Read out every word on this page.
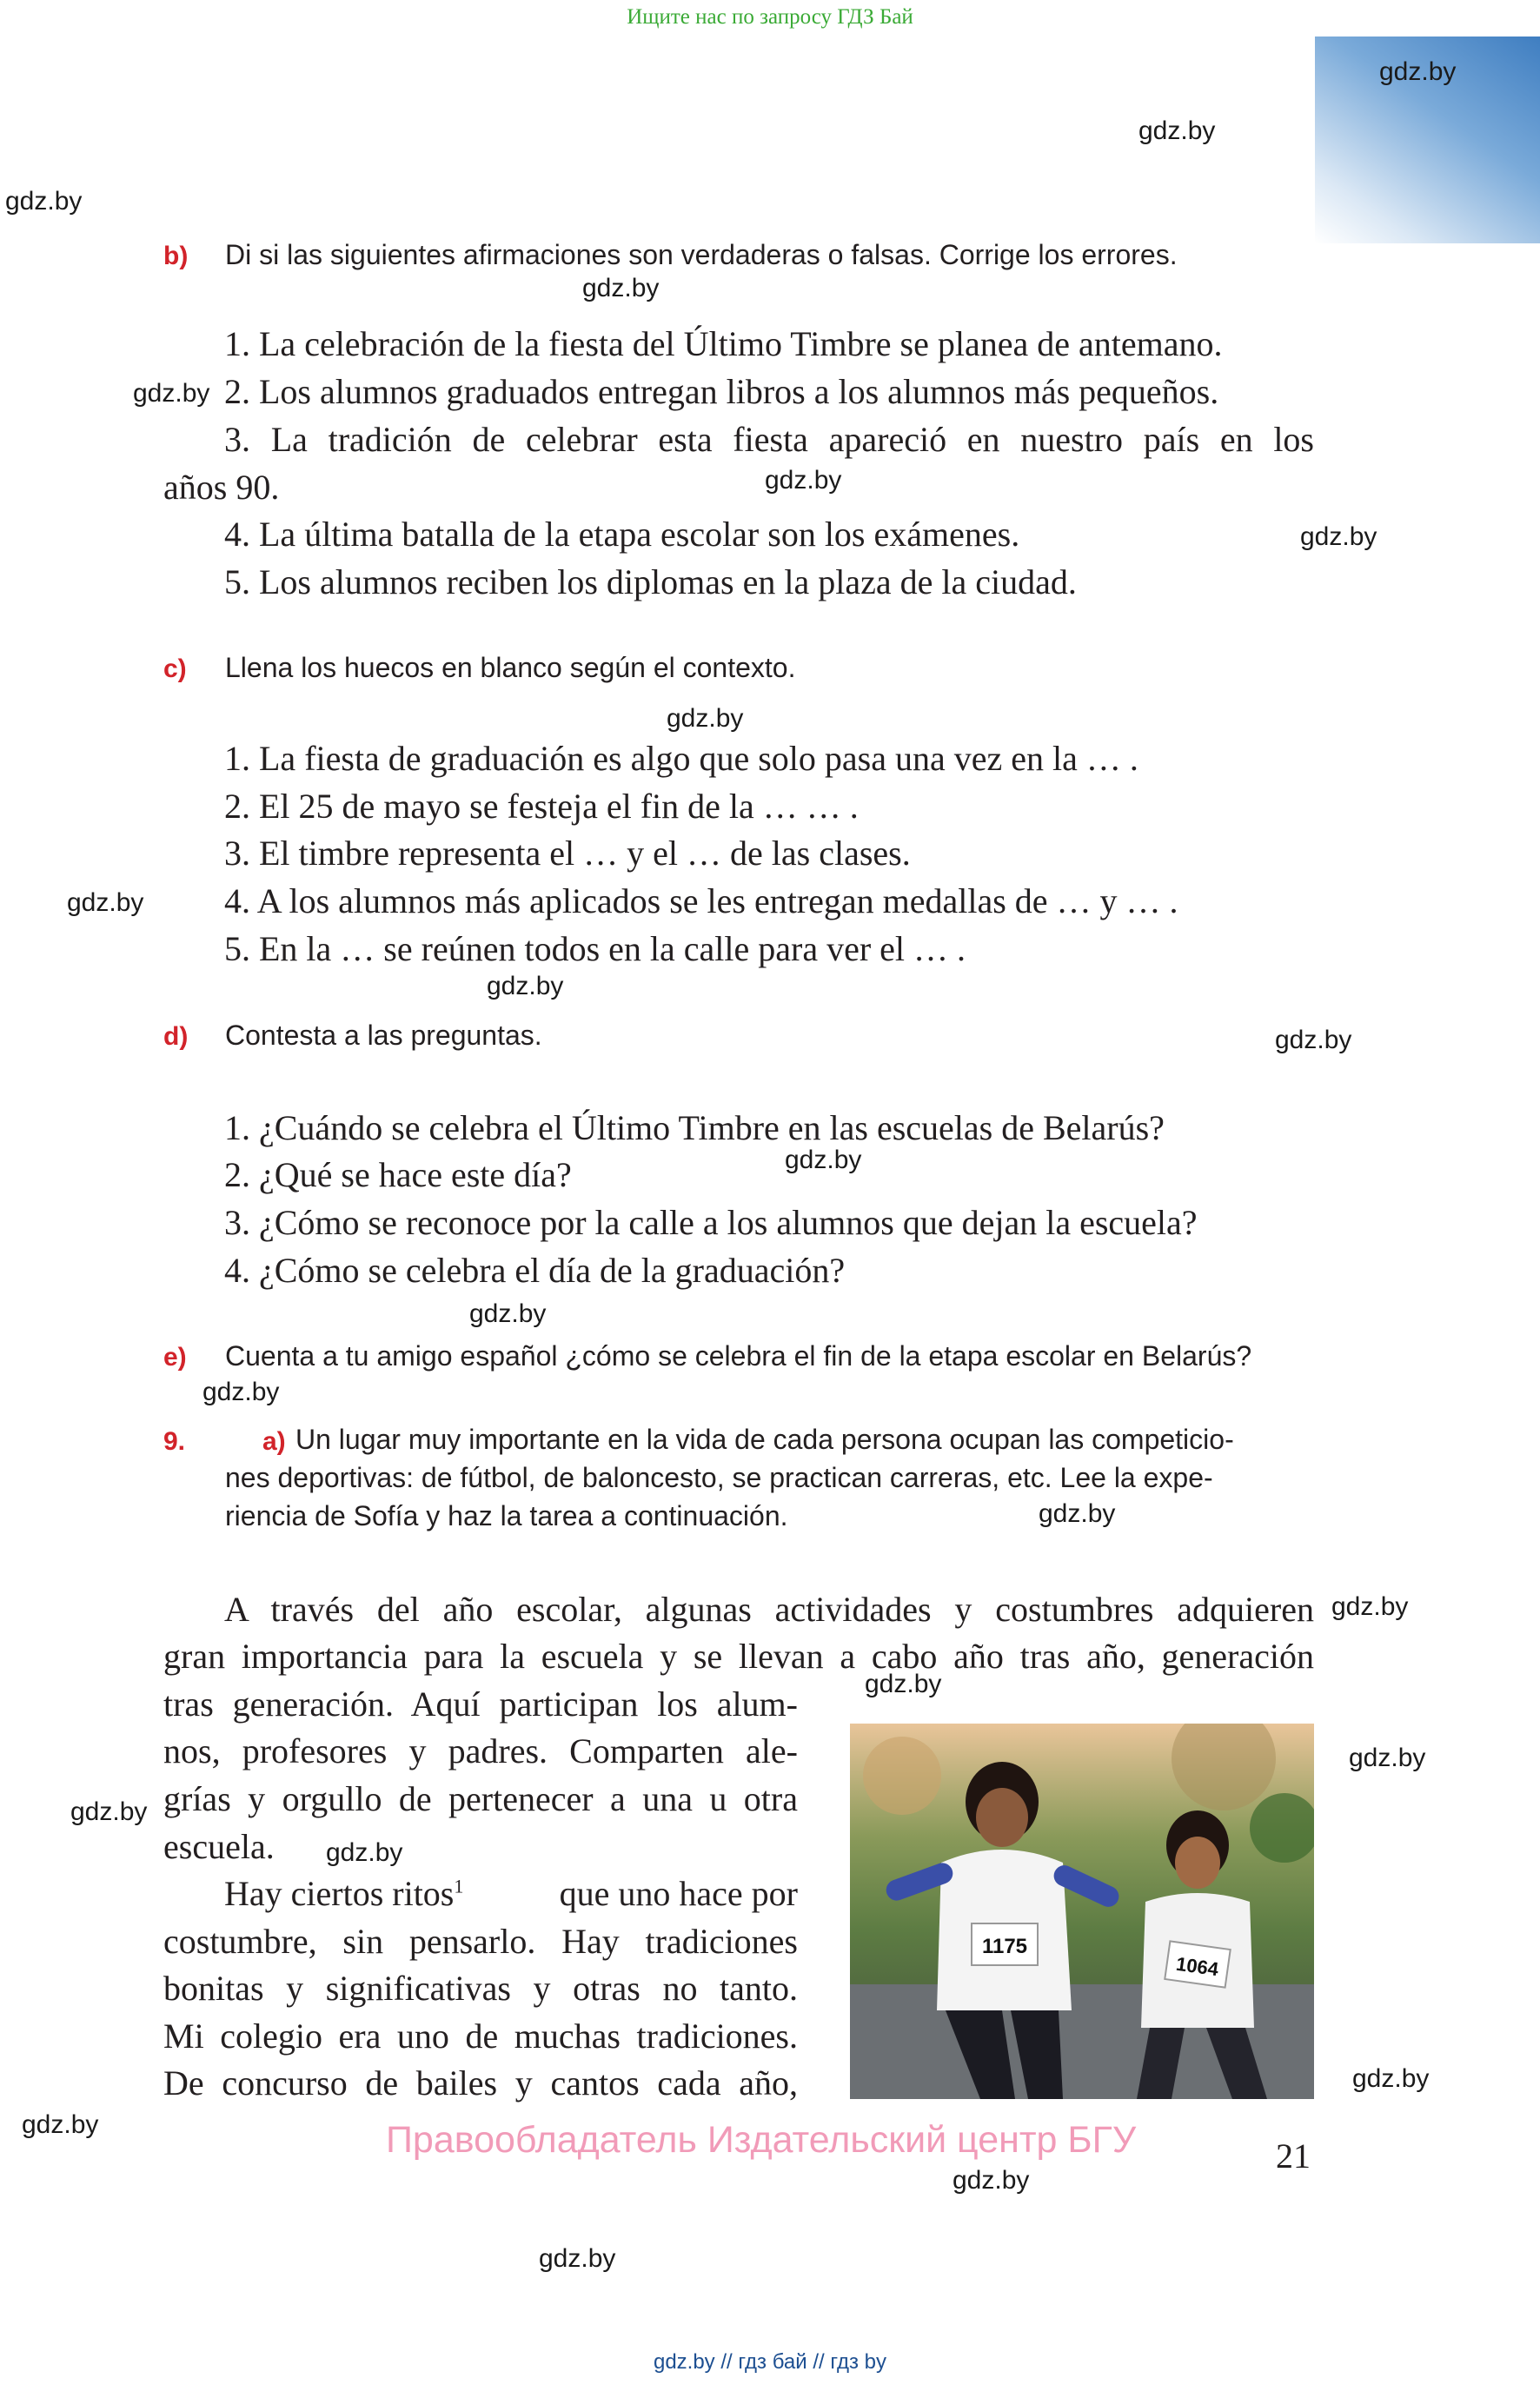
Ищите нас по запросу ГДЗ Бай
gdz.by
gdz.by
gdz.by
gdz.by
gdz.by
gdz.by
gdz.by
gdz.by
gdz.by
gdz.by
gdz.by
gdz.by
gdz.by
gdz.by
gdz.by
gdz.by
gdz.by
gdz.by
gdz.by
gdz.by
gdz.by
gdz.by
gdz.by
gdz.by
b) Di si las siguientes afirmaciones son verdaderas o falsas. Corrige los errores.
1. La celebración de la fiesta del Último Timbre se planea de antemano.
2. Los alumnos graduados entregan libros a los alumnos más pequeños.
3. La tradición de celebrar esta fiesta apareció en nuestro país en los
años 90.
4. La última batalla de la etapa escolar son los exámenes.
5. Los alumnos reciben los diplomas en la plaza de la ciudad.
c) Llena los huecos en blanco según el contexto.
1. La fiesta de graduación es algo que solo pasa una vez en la … .
2. El 25 de mayo se festeja el fin de la … … .
3. El timbre representa el … y el … de las clases.
4. A los alumnos más aplicados se les entregan medallas de … y … .
5. En la … se reúnen todos en la calle para ver el … .
d) Contesta a las preguntas.
1. ¿Cuándo se celebra el Último Timbre en las escuelas de Belarús?
2. ¿Qué se hace este día?
3. ¿Cómo se reconoce por la calle a los alumnos que dejan la escuela?
4. ¿Cómo se celebra el día de la graduación?
e) Cuenta a tu amigo español ¿cómo se celebra el fin de la etapa escolar en Belarús?
9.	a) Un lugar muy importante en la vida de cada persona ocupan las competicio-
nes deportivas: de fútbol, de baloncesto, se practican carreras, etc. Lee la expe-
riencia de Sofía y haz la tarea a continuación.
A través del año escolar, algunas actividades y costumbres adquieren
gran importancia para la escuela y se llevan a cabo año tras año, generación
tras generación. Aquí participan los alum-
nos, profesores y padres. Comparten ale-
grías y orgullo de pertenecer a una u otra
escuela.
Hay ciertos ritos$^1$	que uno hace por
costumbre, sin pensarlo. Hay tradiciones
bonitas y significativas y otras no tanto.
Mi colegio era uno de muchas tradiciones.
De concurso de bailes y cantos cada año,
1175
1064
Правообладатель Издательский центр БГУ	21
gdz.by // гдз бай // гдз by
